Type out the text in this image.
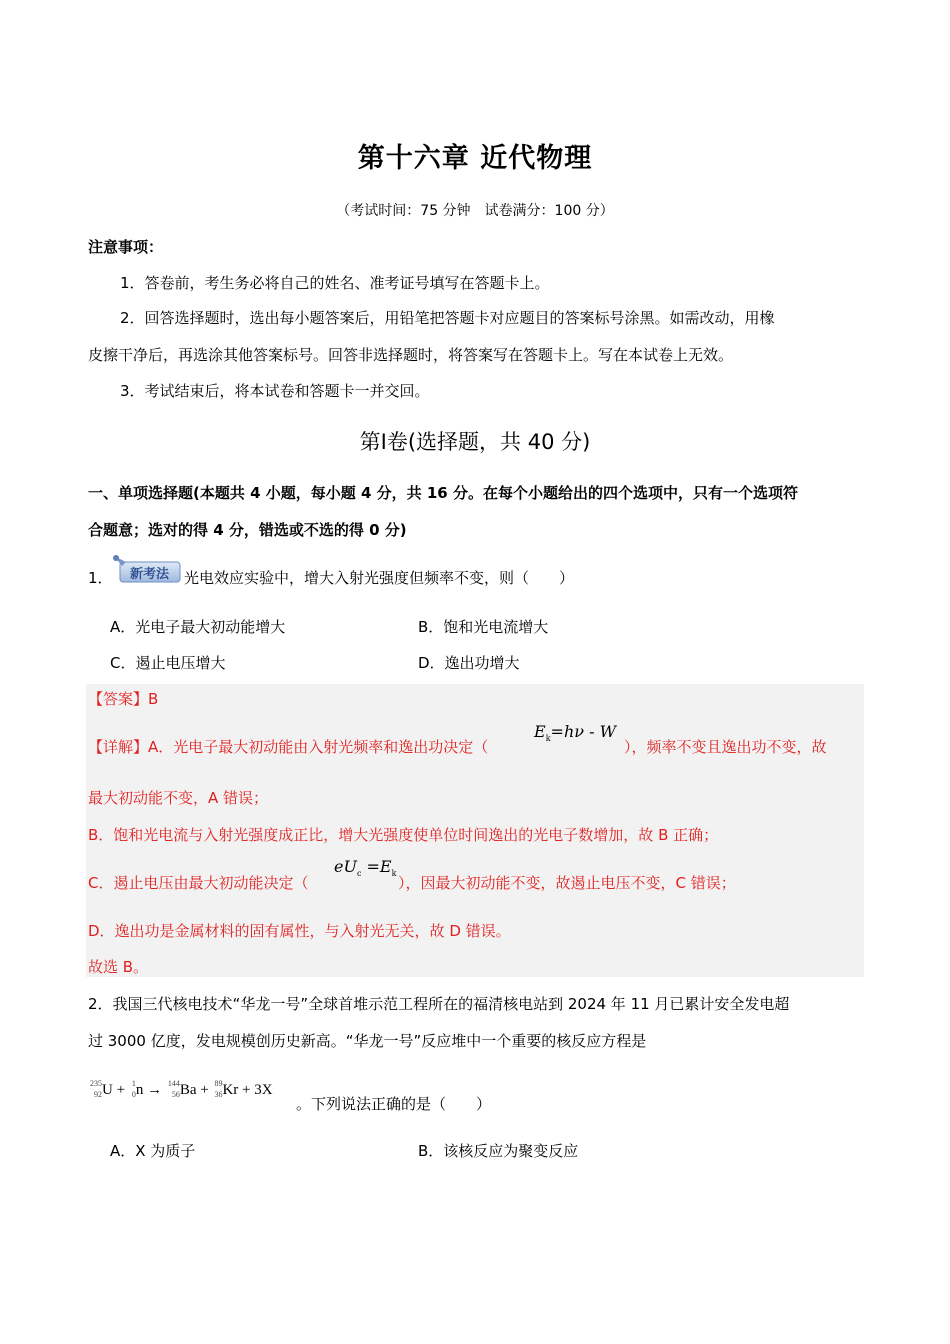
第十六章 近代物理
（考试时间：75 分钟　试卷满分：100 分）
注意事项：
1．答卷前，考生务必将自己的姓名、准考证号填写在答题卡上。
2．回答选择题时，选出每小题答案后，用铅笔把答题卡对应题目的答案标号涂黑。如需改动，用橡
皮擦干净后，再选涂其他答案标号。回答非选择题时，将答案写在答题卡上。写在本试卷上无效。
3．考试结束后，将本试卷和答题卡一并交回。
第Ⅰ卷(选择题，共 40 分)
一、单项选择题(本题共 4 小题，每小题 4 分，共 16 分。在每个小题给出的四个选项中，只有一个选项符
合题意；选对的得 4 分，错选或不选的得 0 分)
1． 新考法 光电效应实验中，增大入射光强度但频率不变，则（　　）
A．光电子最大初动能增大	B．饱和光电流增大
C．遏止电压增大	D．逸出功增大
【答案】B
【详解】A．光电子最大初动能由入射光频率和逸出功决定（
$E_k=h\nu - W$
），频率不变且逸出功不变，故
最大初动能不变，A 错误；
B．饱和光电流与入射光强度成正比，增大光强度使单位时间逸出的光电子数增加，故 B 正确；
C．遏止电压由最大初动能决定（
$eU_c =E_k$
），因最大初动能不变，故遏止电压不变，C 错误；
D．逸出功是金属材料的固有属性，与入射光无关，故 D 错误。
故选 B。
2．我国三代核电技术“华龙一号”全球首堆示范工程所在的福清核电站到 2024 年 11 月已累计安全发电超
过 3000 亿度，发电规模创历史新高。“华龙一号”反应堆中一个重要的核反应方程是
235
92 U + 1
0 n → 144
56 Ba + 89
36 Kr + 3X
。下列说法正确的是（　　）
A．X 为质子	B．该核反应为聚变反应
